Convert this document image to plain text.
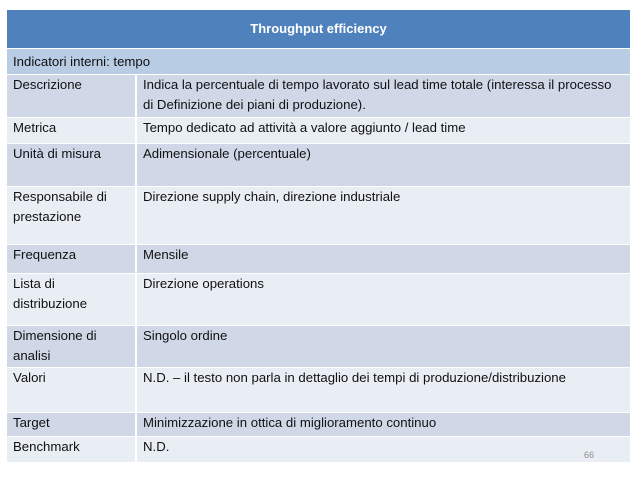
Throughput efficiency	
Indicatori interni: tempo	
Descrizione	Indica la percentuale di tempo lavorato sul lead time totale (interessa il processo di Definizione dei piani di produzione).
Metrica	Tempo dedicato ad attività a valore aggiunto / lead time
Unità di misura	Adimensionale (percentuale)
Responsabile di prestazione	Direzione supply chain, direzione industriale
Frequenza	Mensile
Lista di distribuzione	Direzione operations
Dimensione di analisi	Singolo ordine
Valori	N.D. – il testo non parla in dettaglio dei tempi di produzione/distribuzione
Target	Minimizzazione in ottica di miglioramento continuo
Benchmark	N.D.
66
